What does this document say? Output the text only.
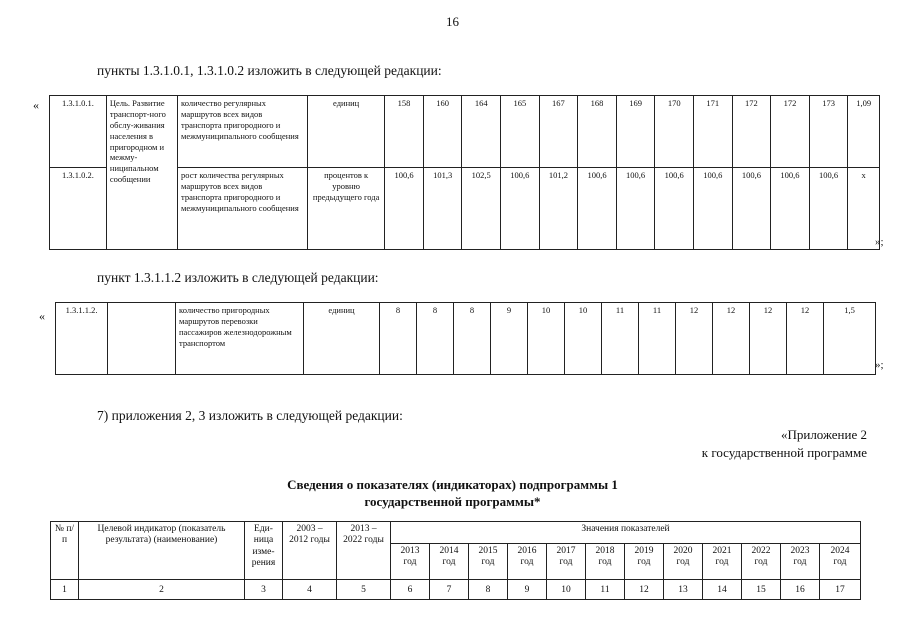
16
пункты 1.3.1.0.1, 1.3.1.0.2 изложить в следующей редакции:
«	1.3.1.0.1.	Цель. Развитие транспорт-ного обслу-живания населения в пригородном и межму-ниципальном сообщении	количество регулярных маршрутов всех видов транспорта пригородного и межмуниципального сообщения	единиц	158	160	164	165	167	168	169	170	171	172	172	173	1,09
1.3.1.0.2.		рост количества регулярных маршрутов всех видов транспорта пригородного и межмуниципального сообщения	процентов к уровню предыдущего года	100,6	101,3	102,5	100,6	101,2	100,6	100,6	100,6	100,6	100,6	100,6	100,6	x
»;
пункт 1.3.1.1.2 изложить в следующей редакции:
« 1.3.1.1.2.		количество пригородных маршрутов перевозки пассажиров железнодорожным транспортом	единиц	8	8	8	9	10	10	11	11	12	12	12	12	1,5
»;
7) приложения 2, 3 изложить в следующей редакции:
«Приложение 2
к государственной программе
Сведения о показателях (индикаторах) подпрограммы 1
государственной программы*
№ п/п	Целевой индикатор (показатель результата) (наименование)	Еди-ница изме-рения	2003 – 2012 годы	2013 – 2022 годы	Значения показателей											
					2013 год	2014 год	2015 год	2016 год	2017 год	2018 год	2019 год	2020 год	2021 год	2022 год	2023 год	2024 год
1	2	3	4	5	6	7	8	9	10	11	12	13	14	15	16	17
